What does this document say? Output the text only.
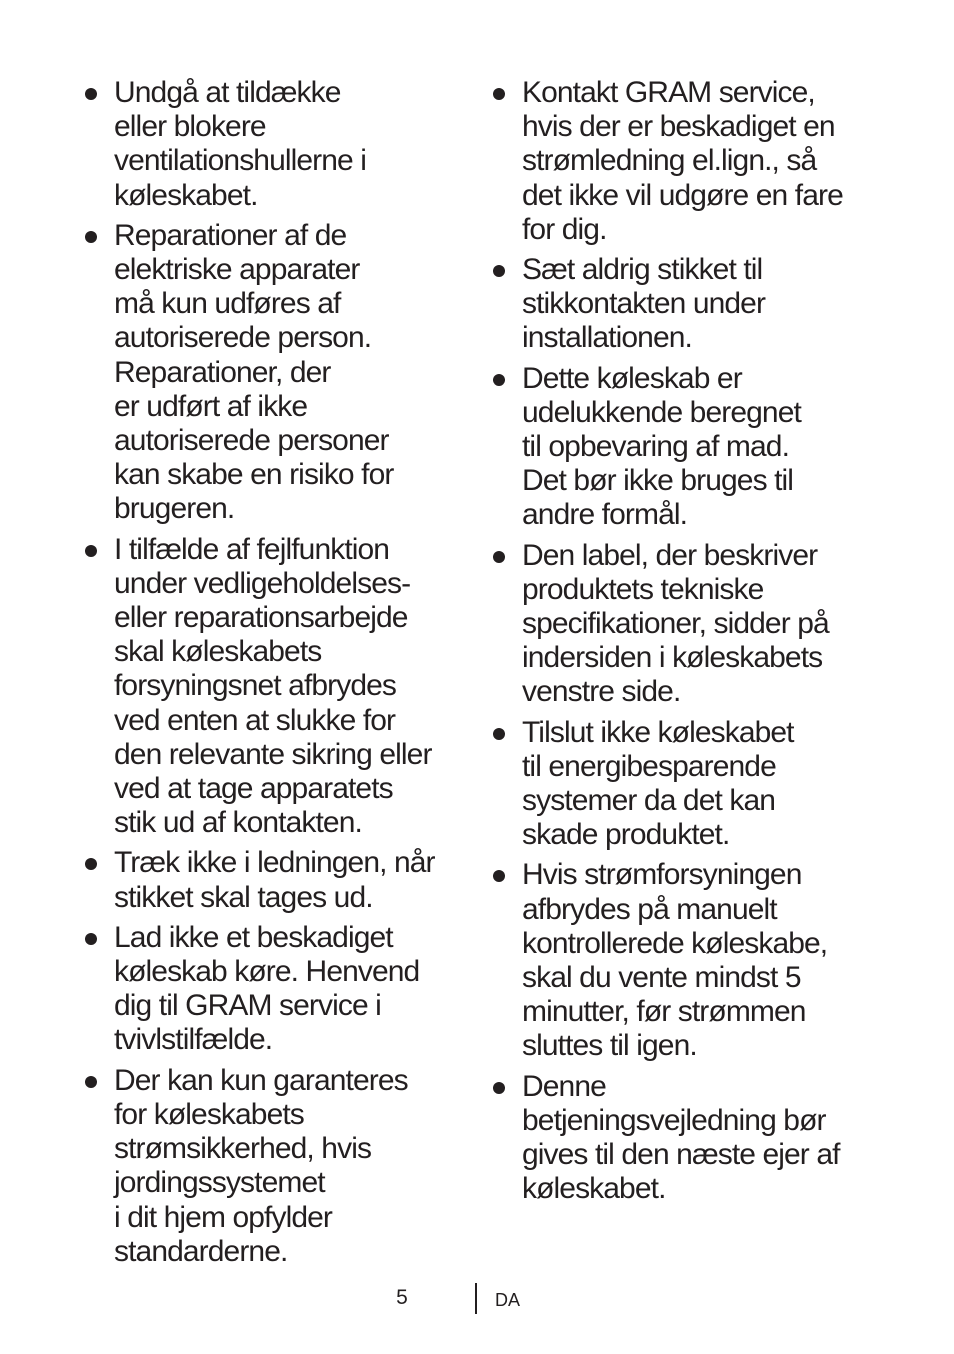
Undgå at tildække
eller blokere
ventilationshullerne i
køleskabet.
Reparationer af de
elektriske apparater
må kun udføres af
autoriserede person.
Reparationer, der
er udført af ikke
autoriserede personer
kan skabe en risiko for
brugeren.
I tilfælde af fejlfunktion
under vedligeholdelses-
eller reparationsarbejde
skal køleskabets
forsyningsnet afbrydes
ved enten at slukke for
den relevante sikring eller
ved at tage apparatets
stik ud af kontakten.
Træk ikke i ledningen, når
stikket skal tages ud.
Lad ikke et beskadiget
køleskab køre. Henvend
dig til GRAM service i
tvivlstilfælde.
Der kan kun garanteres
for køleskabets
strømsikkerhed, hvis
jordingssystemet
i dit hjem opfylder
standarderne.
Kontakt GRAM service,
hvis der er beskadiget en
strømledning el.lign., så
det ikke vil udgøre en fare
for dig.
Sæt aldrig stikket til
stikkontakten under
installationen.
Dette køleskab er
udelukkende beregnet
til opbevaring af mad.
Det bør ikke bruges til
andre formål.
Den label, der beskriver
produktets tekniske
specifikationer, sidder på
indersiden i køleskabets
venstre side.
Tilslut ikke køleskabet
til energibesparende
systemer da det kan
skade produktet.
Hvis strømforsyningen
afbrydes på manuelt
kontrollerede køleskabe,
skal du vente mindst 5
minutter, før strømmen
sluttes til igen.
Denne
betjeningsvejledning bør
gives til den næste ejer af
køleskabet.
5	DA
